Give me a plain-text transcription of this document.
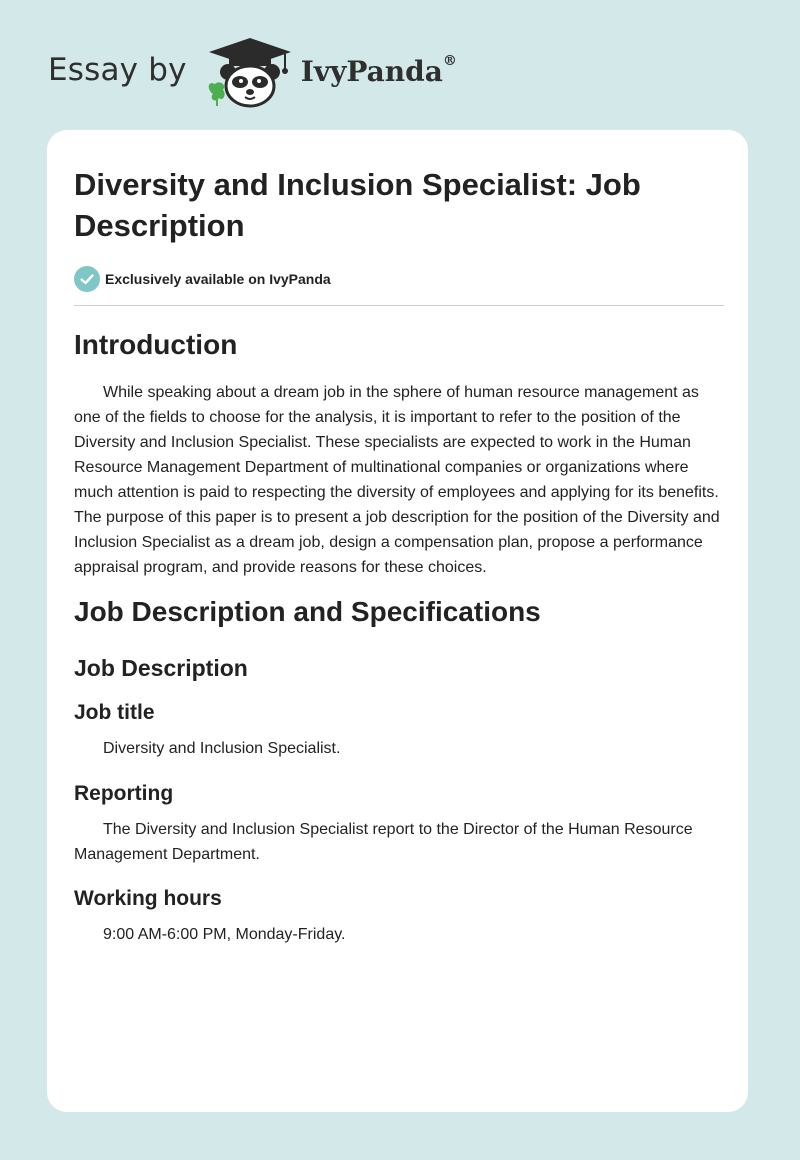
Essay by	IvyPanda®
Diversity and Inclusion Specialist: Job Description
Exclusively available on IvyPanda
Introduction

While speaking about a dream job in the sphere of human resource management as one of the fields to choose for the analysis, it is important to refer to the position of the Diversity and Inclusion Specialist. These specialists are expected to work in the Human Resource Management Department of multinational companies or organizations where much attention is paid to respecting the diversity of employees and applying for its benefits. The purpose of this paper is to present a job description for the position of the Diversity and Inclusion Specialist as a dream job, design a compensation plan, propose a performance appraisal program, and provide reasons for these choices.

Job Description and Specifications
Job Description
Job title

Diversity and Inclusion Specialist.

Reporting

The Diversity and Inclusion Specialist report to the Director of the Human Resource Management Department.

Working hours

9:00 AM-6:00 PM, Monday-Friday.
